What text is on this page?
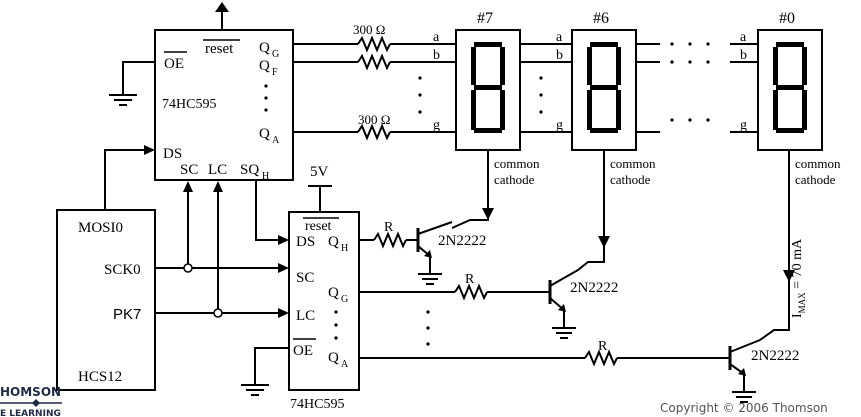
reset
OE
74HC595
Q G
Q F
Q A
DS
SC LC SQ H
300 Ω
300 Ω
a
b
g
a
b
g
a
b
g
#7
common
cathode
#6
common
cathode
#0
common
cathode
$I_{MAX} = 70$ mA
MOSI0
SCK0
PK7
HCS12
reset
DS Q H
SC
Q G
LC
OE Q A
74HC595
5V
R
R
R
2N2222
2N2222
2N2222
HOMSON
E LEARNING	Copyright © 2006 Thomson
